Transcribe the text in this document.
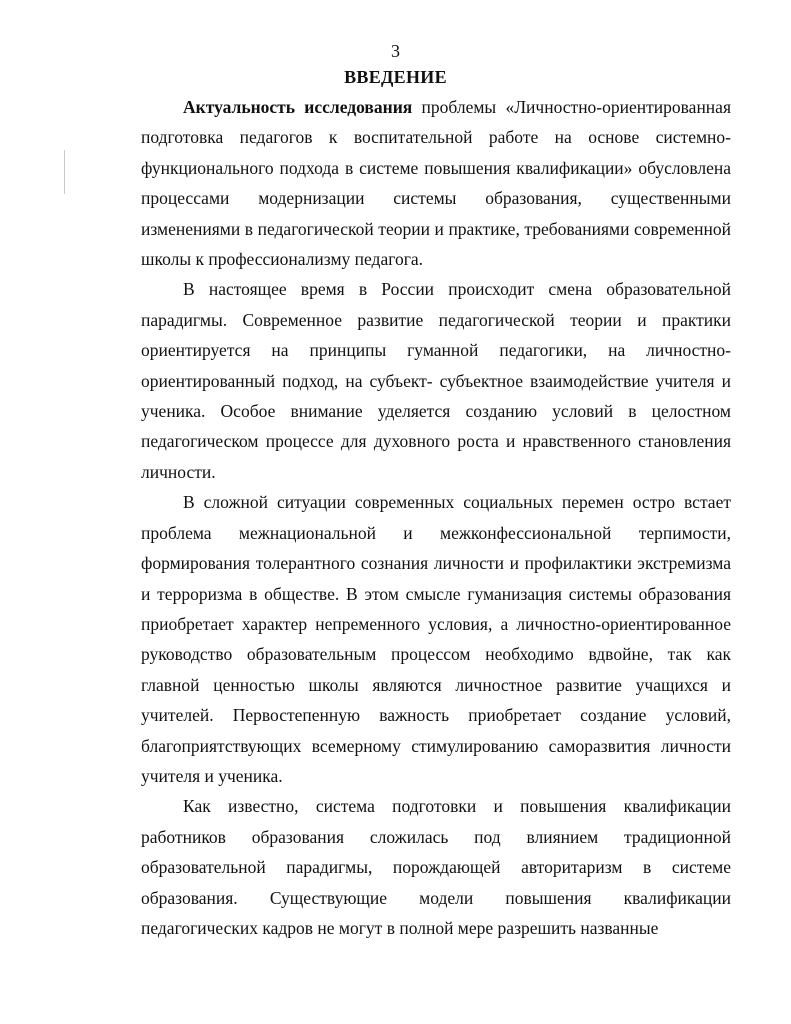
3
ВВЕДЕНИЕ

Актуальность исследования проблемы «Личностно-ориентированная подготовка педагогов к воспитательной работе на основе системно-функционального подхода в системе повышения квалификации» обусловлена процессами модернизации системы образования, существенными изменениями в педагогической теории и практике, требованиями современной школы к профессионализму педагога.

В настоящее время в России происходит смена образовательной парадигмы. Современное развитие педагогической теории и практики ориентируется на принципы гуманной педагогики, на личностно-ориентированный подход, на субъект- субъектное взаимодействие учителя и ученика. Особое внимание уделяется созданию условий в целостном педагогическом процессе для духовного роста и нравственного становления личности.

В сложной ситуации современных социальных перемен остро встает проблема межнациональной и межконфессиональной терпимости, формирования толерантного сознания личности и профилактики экстремизма и терроризма в обществе. В этом смысле гуманизация системы образования приобретает характер непременного условия, а личностно-ориентированное руководство образовательным процессом необходимо вдвойне, так как главной ценностью школы являются личностное развитие учащихся и учителей. Первостепенную важность приобретает создание условий, благоприятствующих всемерному стимулированию саморазвития личности учителя и ученика.

Как известно, система подготовки и повышения квалификации работников образования сложилась под влиянием традиционной образовательной парадигмы, порождающей авторитаризм в системе образования. Существующие модели повышения квалификации педагогических кадров не могут в полной мере разрешить названные
